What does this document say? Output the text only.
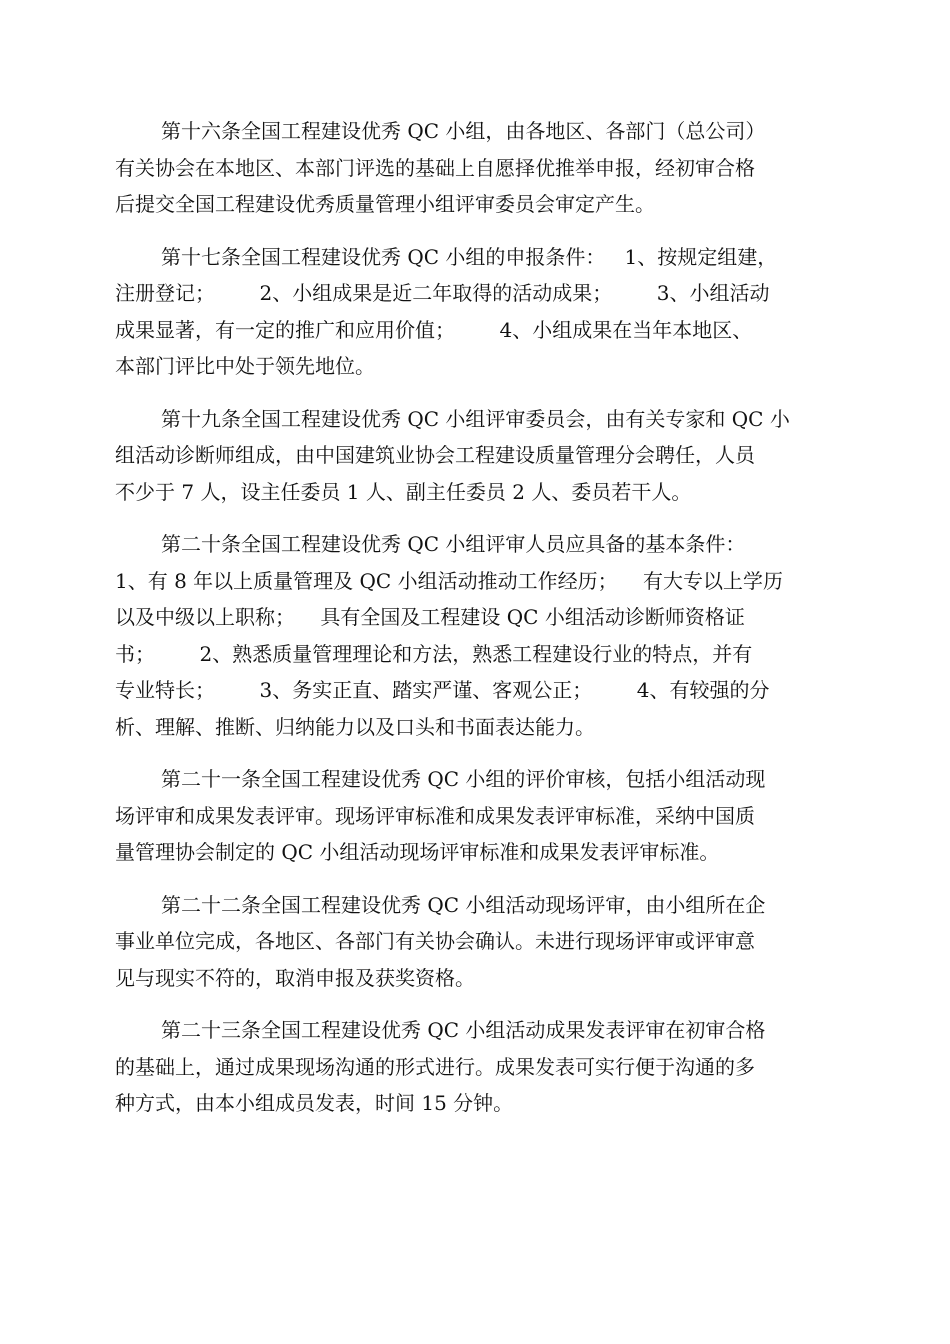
第十六条全国工程建设优秀 QC 小组，由各地区、各部门（总公司）
有关协会在本地区、本部门评选的基础上自愿择优推举申报，经初审合格
后提交全国工程建设优秀质量管理小组评审委员会审定产生。
第十七条全国工程建设优秀 QC 小组的申报条件：   1、按规定组建，
注册登记；       2、小组成果是近二年取得的活动成果；       3、小组活动
成果显著，有一定的推广和应用价值；       4、小组成果在当年本地区、
本部门评比中处于领先地位。
第十九条全国工程建设优秀 QC 小组评审委员会，由有关专家和 QC 小
组活动诊断师组成，由中国建筑业协会工程建设质量管理分会聘任，人员
不少于 7 人，设主任委员 1 人、副主任委员 2 人、委员若干人。
第二十条全国工程建设优秀 QC 小组评审人员应具备的基本条件：
1、有 8 年以上质量管理及 QC 小组活动推动工作经历；    有大专以上学历
以及中级以上职称；    具有全国及工程建设 QC 小组活动诊断师资格证
书；       2、熟悉质量管理理论和方法，熟悉工程建设行业的特点，并有
专业特长；       3、务实正直、踏实严谨、客观公正；       4、有较强的分
析、理解、推断、归纳能力以及口头和书面表达能力。
第二十一条全国工程建设优秀 QC 小组的评价审核，包括小组活动现
场评审和成果发表评审。现场评审标准和成果发表评审标准，采纳中国质
量管理协会制定的 QC 小组活动现场评审标准和成果发表评审标准。
第二十二条全国工程建设优秀 QC 小组活动现场评审，由小组所在企
事业单位完成，各地区、各部门有关协会确认。未进行现场评审或评审意
见与现实不符的，取消申报及获奖资格。
第二十三条全国工程建设优秀 QC 小组活动成果发表评审在初审合格
的基础上，通过成果现场沟通的形式进行。成果发表可实行便于沟通的多
种方式，由本小组成员发表，时间 15 分钟。
